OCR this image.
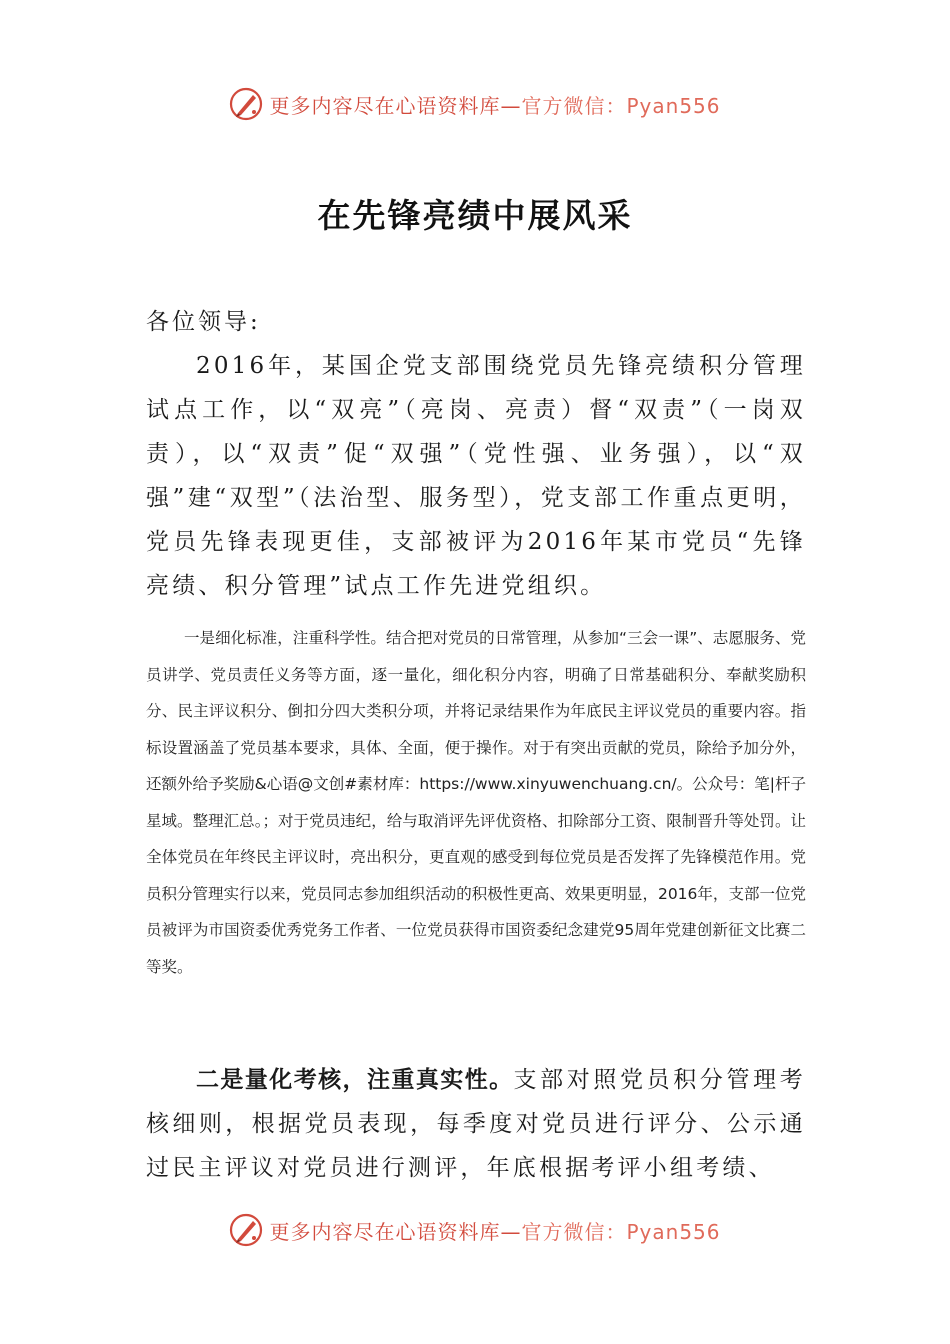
更多内容尽在心语资料库—官方微信：Pyan556
在先锋亮绩中展风采
各位领导:

2016年，某国企党支部围绕党员先锋亮绩积分管理试点工作，以“双亮”（亮岗、亮责）督“双责”（一岗双责），以“双责”促“双强”（党性强、业务强），以“双强”建“双型”（法治型、服务型），党支部工作重点更明，党员先锋表现更佳，支部被评为2016年某市党员“先锋亮绩、积分管理”试点工作先进党组织。

一是细化标准，注重科学性。结合把对党员的日常管理，从参加“三会一课”、志愿服务、党员讲学、党员责任义务等方面，逐一量化，细化积分内容，明确了日常基础积分、奉献奖励积分、民主评议积分、倒扣分四大类积分项，并将记录结果作为年底民主评议党员的重要内容。指标设置涵盖了党员基本要求，具体、全面，便于操作。对于有突出贡献的党员，除给予加分外，还额外给予奖励&心语@文创#素材库：https://www.xinyuwenchuang.cn/。公众号：笔|杆子星域。整理汇总。；对于党员违纪，给与取消评先评优资格、扣除部分工资、限制晋升等处罚。让全体党员在年终民主评议时，亮出积分，更直观的感受到每位党员是否发挥了先锋模范作用。党员积分管理实行以来，党员同志参加组织活动的积极性更高、效果更明显，2016年，支部一位党员被评为市国资委优秀党务工作者、一位党员获得市国资委纪念建党95周年党建创新征文比赛二等奖。

二是量化考核，注重真实性。支部对照党员积分管理考核细则，根据党员表现，每季度对党员进行评分、公示通过民主评议对党员进行测评，年底根据考评小组考绩、

更多内容尽在心语资料库—官方微信：Pyan556
